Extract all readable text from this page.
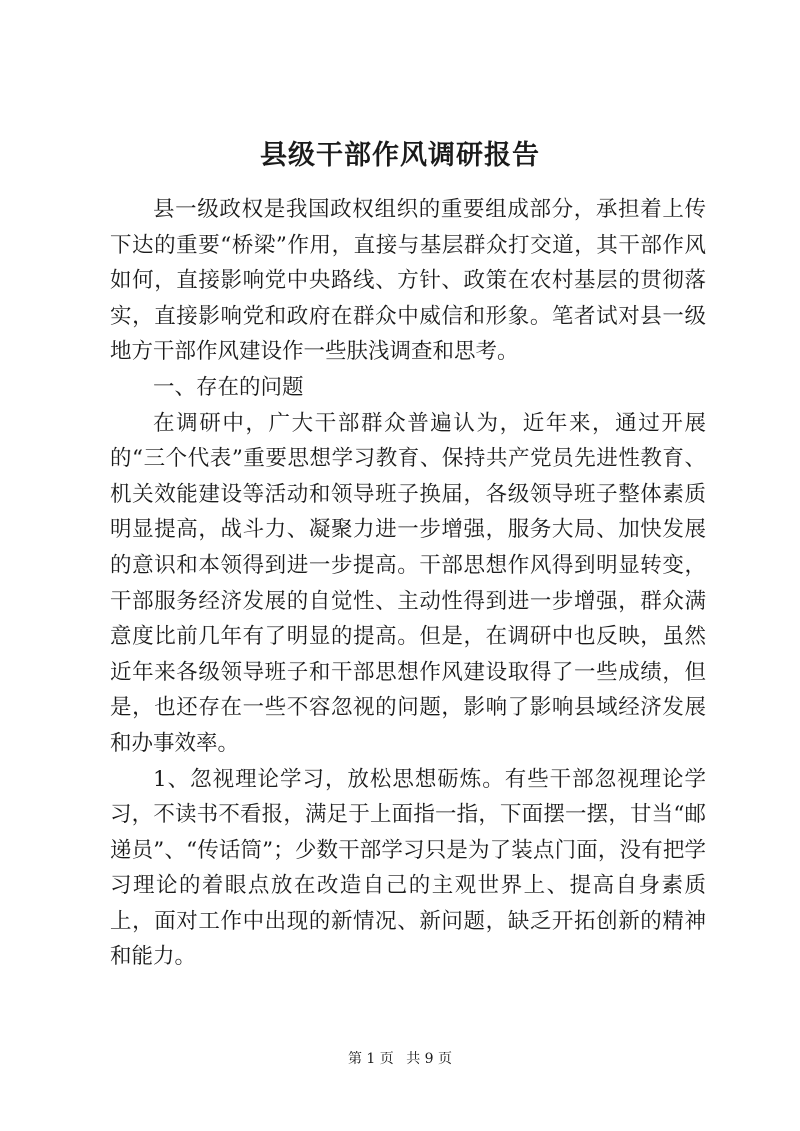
县级干部作风调研报告

县一级政权是我国政权组织的重要组成部分，承担着上传下达的重要“桥梁”作用，直接与基层群众打交道，其干部作风如何，直接影响党中央路线、方针、政策在农村基层的贯彻落实，直接影响党和政府在群众中威信和形象。笔者试对县一级地方干部作风建设作一些肤浅调查和思考。

一、存在的问题

在调研中，广大干部群众普遍认为，近年来，通过开展的“三个代表”重要思想学习教育、保持共产党员先进性教育、机关效能建设等活动和领导班子换届，各级领导班子整体素质明显提高，战斗力、凝聚力进一步增强，服务大局、加快发展的意识和本领得到进一步提高。干部思想作风得到明显转变，干部服务经济发展的自觉性、主动性得到进一步增强，群众满意度比前几年有了明显的提高。但是，在调研中也反映，虽然近年来各级领导班子和干部思想作风建设取得了一些成绩，但是，也还存在一些不容忽视的问题，影响了影响县域经济发展和办事效率。

1、忽视理论学习，放松思想砺炼。有些干部忽视理论学习，不读书不看报，满足于上面指一指，下面摆一摆，甘当“邮递员”、“传话筒”；少数干部学习只是为了装点门面，没有把学习理论的着眼点放在改造自己的主观世界上、提高自身素质上，面对工作中出现的新情况、新问题，缺乏开拓创新的精神和能力。

第 1 页 共 9 页
